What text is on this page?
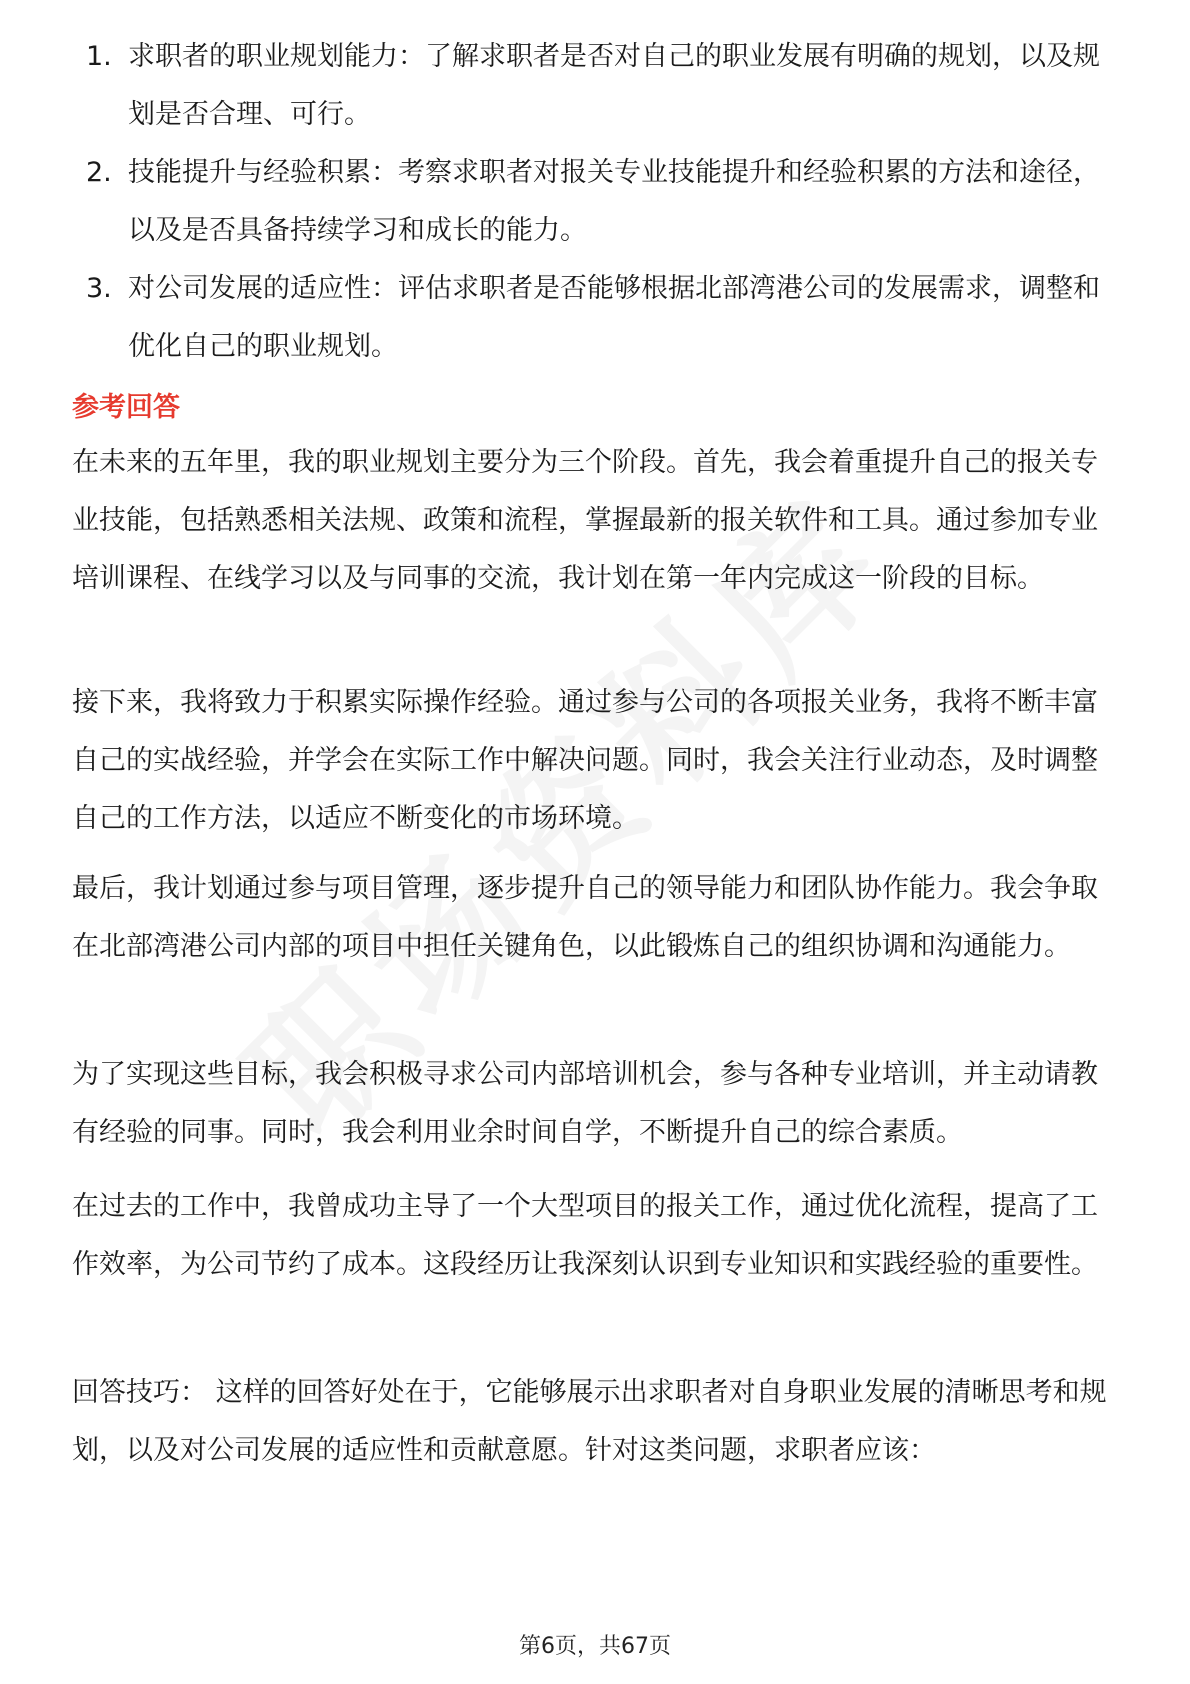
1. 求职者的职业规划能力：了解求职者是否对自己的职业发展有明确的规划，以及规划是否合理、可行。
2. 技能提升与经验积累：考察求职者对报关专业技能提升和经验积累的方法和途径，以及是否具备持续学习和成长的能力。
3. 对公司发展的适应性：评估求职者是否能够根据北部湾港公司的发展需求，调整和优化自己的职业规划。
参考回答

在未来的五年里，我的职业规划主要分为三个阶段。首先，我会着重提升自己的报关专业技能，包括熟悉相关法规、政策和流程，掌握最新的报关软件和工具。通过参加专业培训课程、在线学习以及与同事的交流，我计划在第一年内完成这一阶段的目标。

接下来，我将致力于积累实际操作经验。通过参与公司的各项报关业务，我将不断丰富自己的实战经验，并学会在实际工作中解决问题。同时，我会关注行业动态，及时调整自己的工作方法，以适应不断变化的市场环境。

最后，我计划通过参与项目管理，逐步提升自己的领导能力和团队协作能力。我会争取在北部湾港公司内部的项目中担任关键角色，以此锻炼自己的组织协调和沟通能力。

为了实现这些目标，我会积极寻求公司内部培训机会，参与各种专业培训，并主动请教有经验的同事。同时，我会利用业余时间自学，不断提升自己的综合素质。

在过去的工作中，我曾成功主导了一个大型项目的报关工作，通过优化流程，提高了工作效率，为公司节约了成本。这段经历让我深刻认识到专业知识和实践经验的重要性。

回答技巧： 这样的回答好处在于，它能够展示出求职者对自身职业发展的清晰思考和规划，以及对公司发展的适应性和贡献意愿。针对这类问题，求职者应该：

第6页，共67页
